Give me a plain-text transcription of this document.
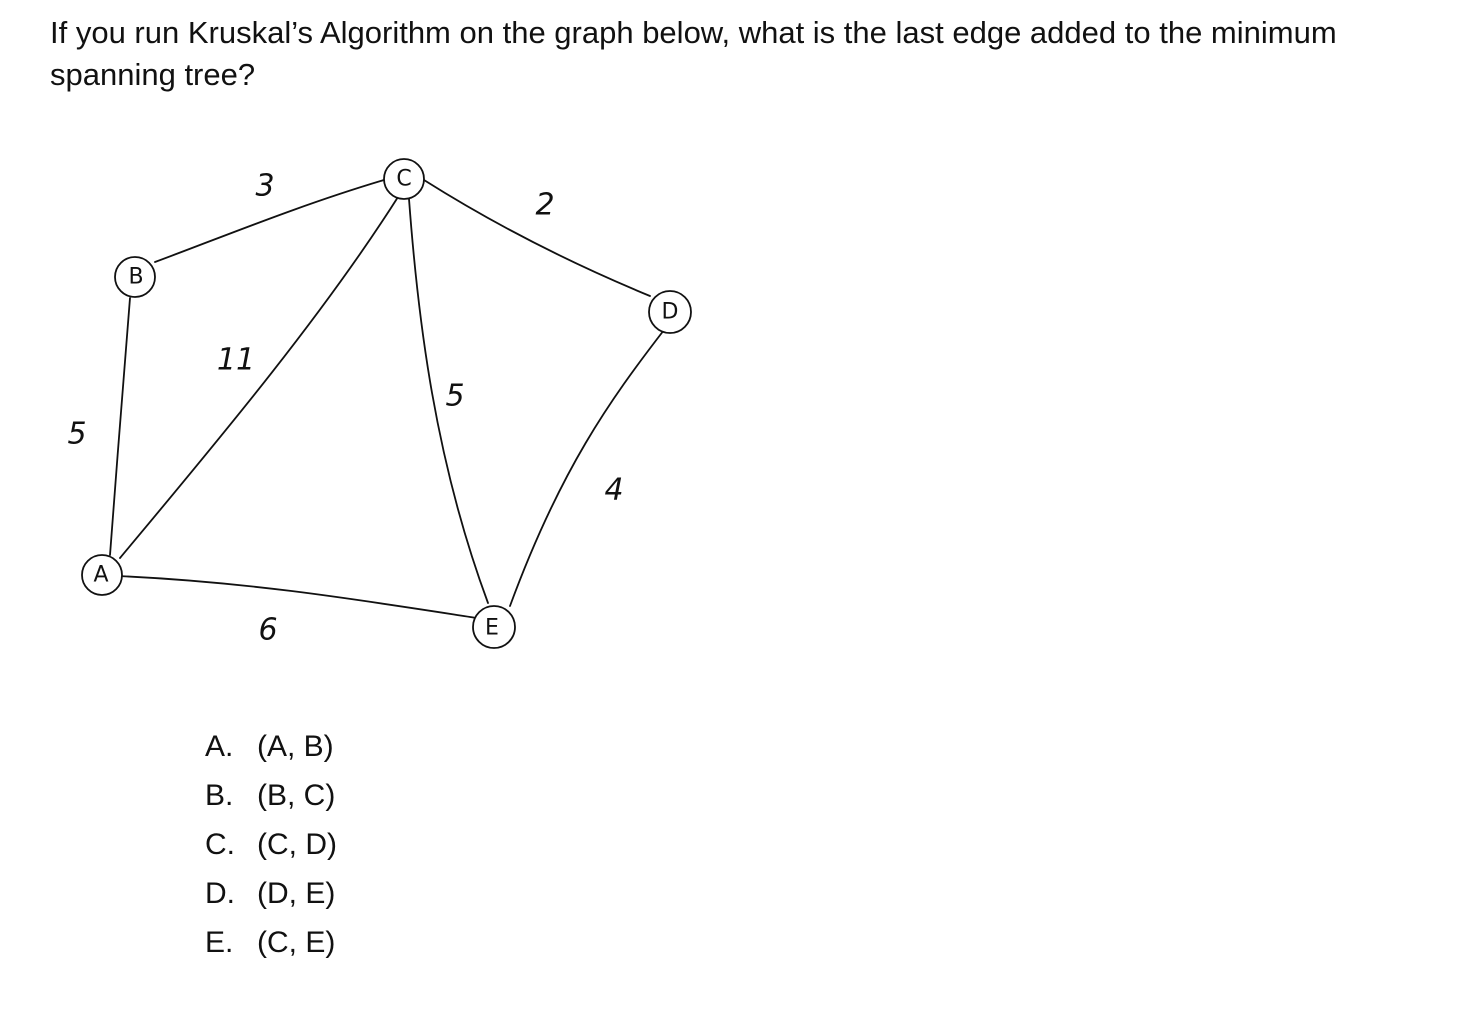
If you run Kruskal’s Algorithm on the graph below, what is the last edge added to the minimum spanning tree?

3
2
5
11
5
4
6
B
C
D
A
E
A. (A, B)
B. (B, C)
C. (C, D)
D. (D, E)
E. (C, E)
